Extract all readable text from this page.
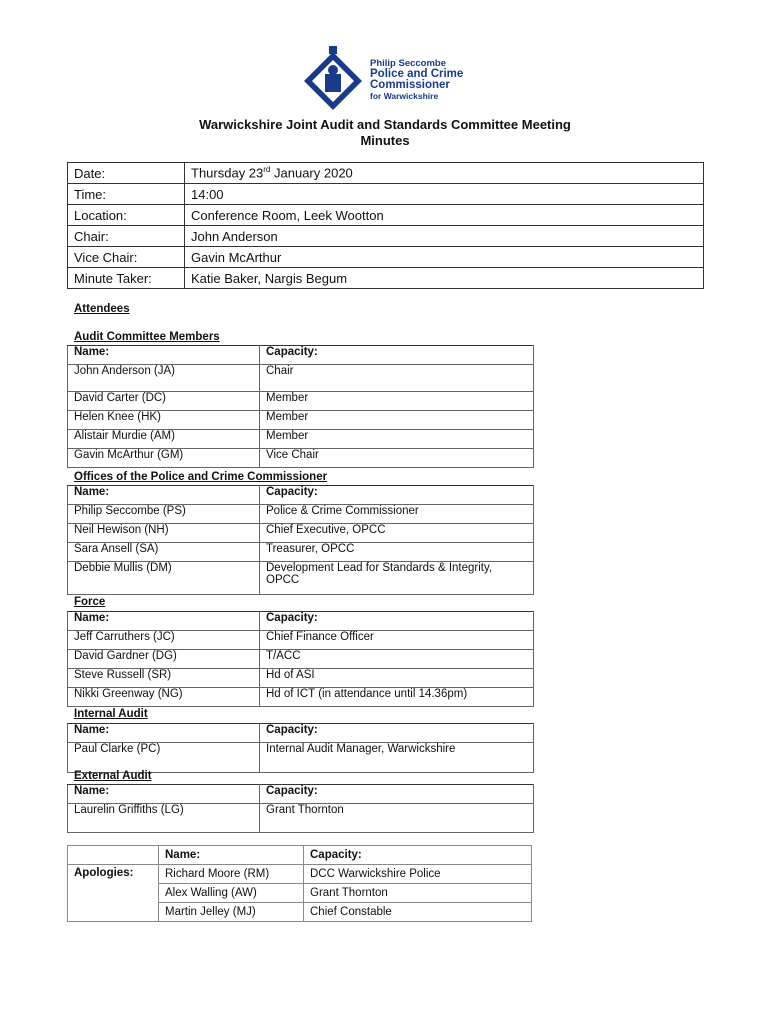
Philip Seccombe
Police and Crime
Commissioner
for Warwickshire
Warwickshire Joint Audit and Standards Committee Meeting
Minutes
Date:	Thursday 23rd January 2020
Time:	14:00
Location:	Conference Room, Leek Wootton
Chair:	John Anderson
Vice Chair:	Gavin McArthur
Minute Taker:	Katie Baker, Nargis Begum
Attendees
Audit Committee Members
Name:	Capacity:
John Anderson (JA)	Chair
David Carter (DC)	Member
Helen Knee (HK)	Member
Alistair Murdie (AM)	Member
Gavin McArthur (GM)	Vice Chair
Offices of the Police and Crime Commissioner
Name:	Capacity:
Philip Seccombe (PS)	Police & Crime Commissioner
Neil Hewison (NH)	Chief Executive, OPCC
Sara Ansell (SA)	Treasurer, OPCC
Debbie Mullis (DM)	Development Lead for Standards & Integrity, OPCC
Force
Name:	Capacity:
Jeff Carruthers (JC)	Chief Finance Officer
David Gardner (DG)	T/ACC
Steve Russell (SR)	Hd of ASI
Nikki Greenway (NG)	Hd of ICT (in attendance until 14.36pm)
Internal Audit
Name:	Capacity:
Paul Clarke (PC)	Internal Audit Manager, Warwickshire
External Audit
Name:	Capacity:
Laurelin Griffiths (LG)	Grant Thornton
	Name:	Capacity:
Apologies:	Richard Moore (RM)	DCC Warwickshire Police
	Alex Walling (AW)	Grant Thornton
	Martin Jelley (MJ)	Chief Constable
